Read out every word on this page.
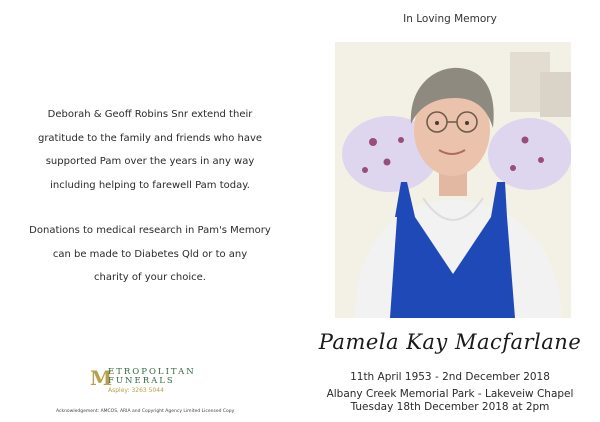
Deborah & Geoff Robins Snr extend their

gratitude to the family and friends who have

supported Pam over the years in any way

including helping to farewell Pam today.

Donations to medical research in Pam's Memory

can be made to Diabetes Qld or to any

charity of your choice.

M
ETROPOLITAN
FUNERALS
Aspley: 3263 5044
Acknowledgement: AMCOS, ARIA and Copyright Agency Limited Licensed Copy
In Loving Memory
Pamela Kay Macfarlane
11th April 1953 - 2nd December 2018
Albany Creek Memorial Park - Lakeveiw Chapel
Tuesday 18th December 2018 at 2pm
